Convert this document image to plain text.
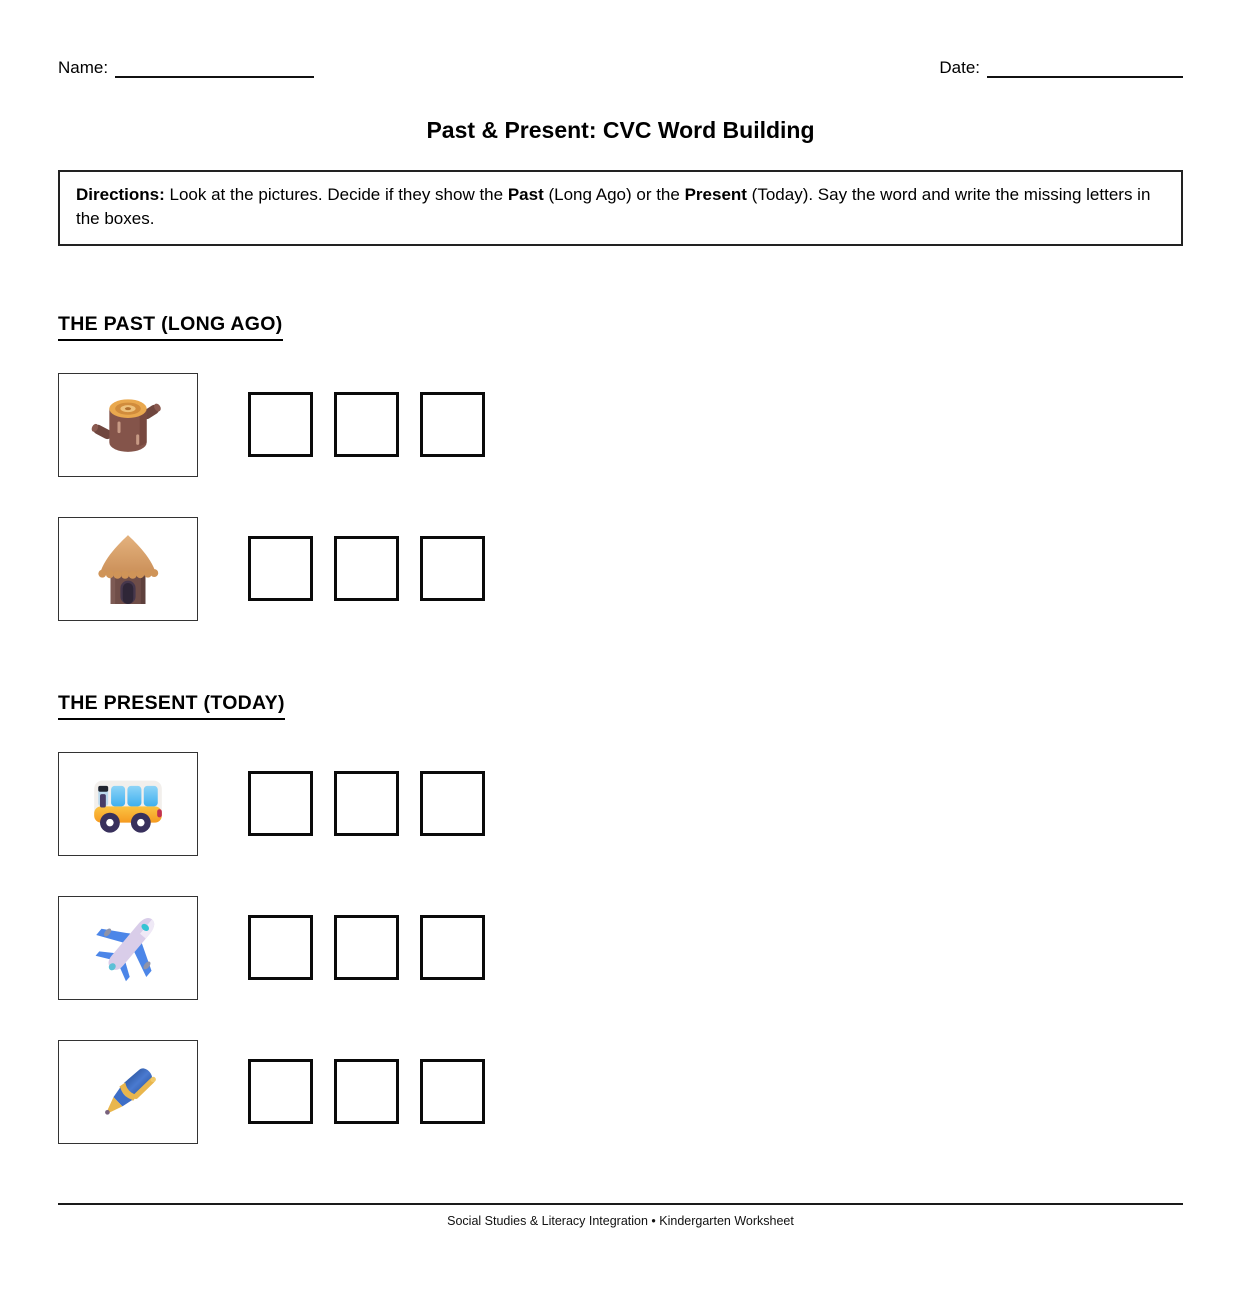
Name:	Date:
Past & Present: CVC Word Building
Directions: Look at the pictures. Decide if they show the Past (Long Ago) or the Present (Today). Say the word and write the missing letters in the boxes.
THE PAST (LONG AGO)
THE PRESENT (TODAY)
Social Studies & Literacy Integration • Kindergarten Worksheet
